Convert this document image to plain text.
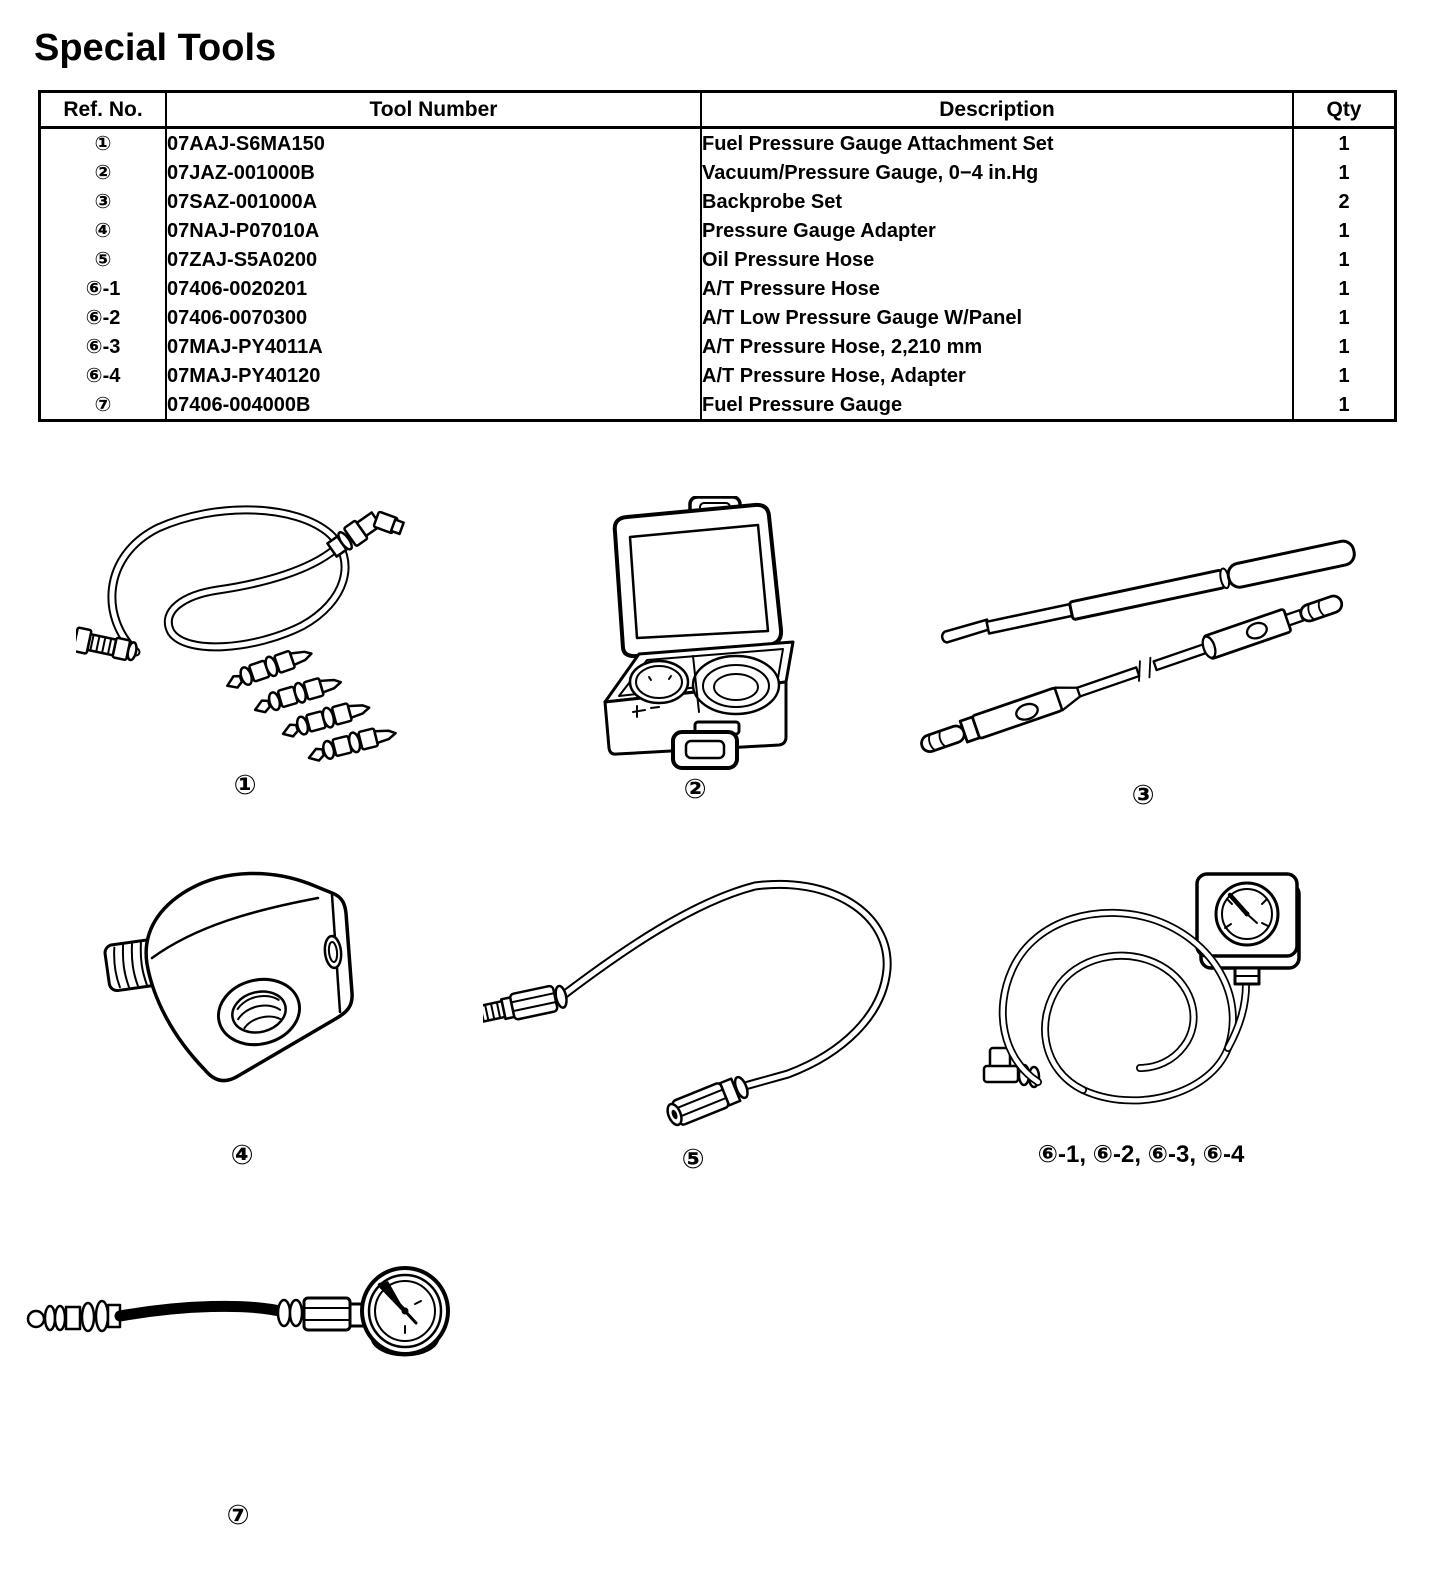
Special Tools
Ref. No.	Tool Number	Description	Qty
①	07AAJ-S6MA150	Fuel Pressure Gauge Attachment Set	1
②	07JAZ-001000B	Vacuum/Pressure Gauge, 0−4 in.Hg	1
③	07SAZ-001000A	Backprobe Set	2
④	07NAJ-P07010A	Pressure Gauge Adapter	1
⑤	07ZAJ-S5A0200	Oil Pressure Hose	1
⑥-1	07406-0020201	A/T Pressure Hose	1
⑥-2	07406-0070300	A/T Low Pressure Gauge W/Panel	1
⑥-3	07MAJ-PY4011A	A/T Pressure Hose, 2,210 mm	1
⑥-4	07MAJ-PY40120	A/T Pressure Hose, Adapter	1
⑦	07406-004000B	Fuel Pressure Gauge	1
①	②	③
④	⑤	⑥-1, ⑥-2, ⑥-3, ⑥-4
⑦
